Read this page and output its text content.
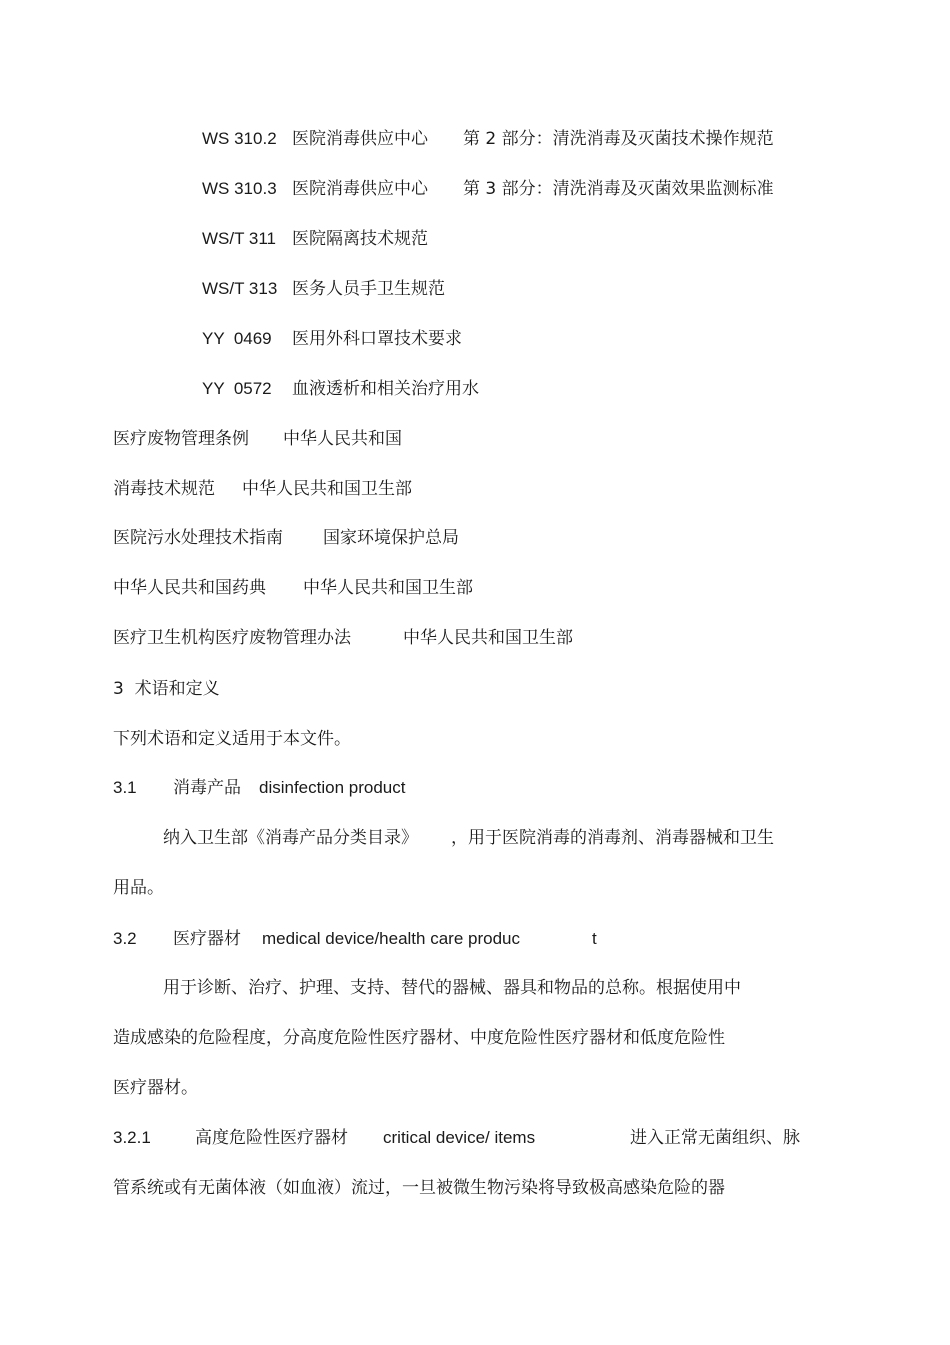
WS 310.2 医院消毒供应中心 第 2 部分：清洗消毒及灭菌技术操作规范
WS 310.3 医院消毒供应中心 第 3 部分：清洗消毒及灭菌效果监测标准
WS/T 311 医院隔离技术规范
WS/T 313 医务人员手卫生规范
YY  0469 医用外科口罩技术要求
YY  0572 血液透析和相关治疗用水
医疗废物管理条例 中华人民共和国
消毒技术规范 中华人民共和国卫生部
医院污水处理技术指南 国家环境保护总局
中华人民共和国药典 中华人民共和国卫生部
医疗卫生机构医疗废物管理办法	中华人民共和国卫生部
3  术语和定义
下列术语和定义适用于本文件。
3.1 消毒产品 disinfection product
纳入卫生部《消毒产品分类目录》 ，用于医院消毒的消毒剂、消毒器械和卫生
用品。
3.2 医疗器材 medical device/health care produc	t
用于诊断、治疗、护理、支持、替代的器械、器具和物品的总称。根据使用中
造成感染的危险程度，分高度危险性医疗器材、中度危险性医疗器材和低度危险性
医疗器材。
3.2.1	高度危险性医疗器材 critical device/ items	进入正常无菌组织、脉
管系统或有无菌体液（如血液）流过，一旦被微生物污染将导致极高感染危险的器
